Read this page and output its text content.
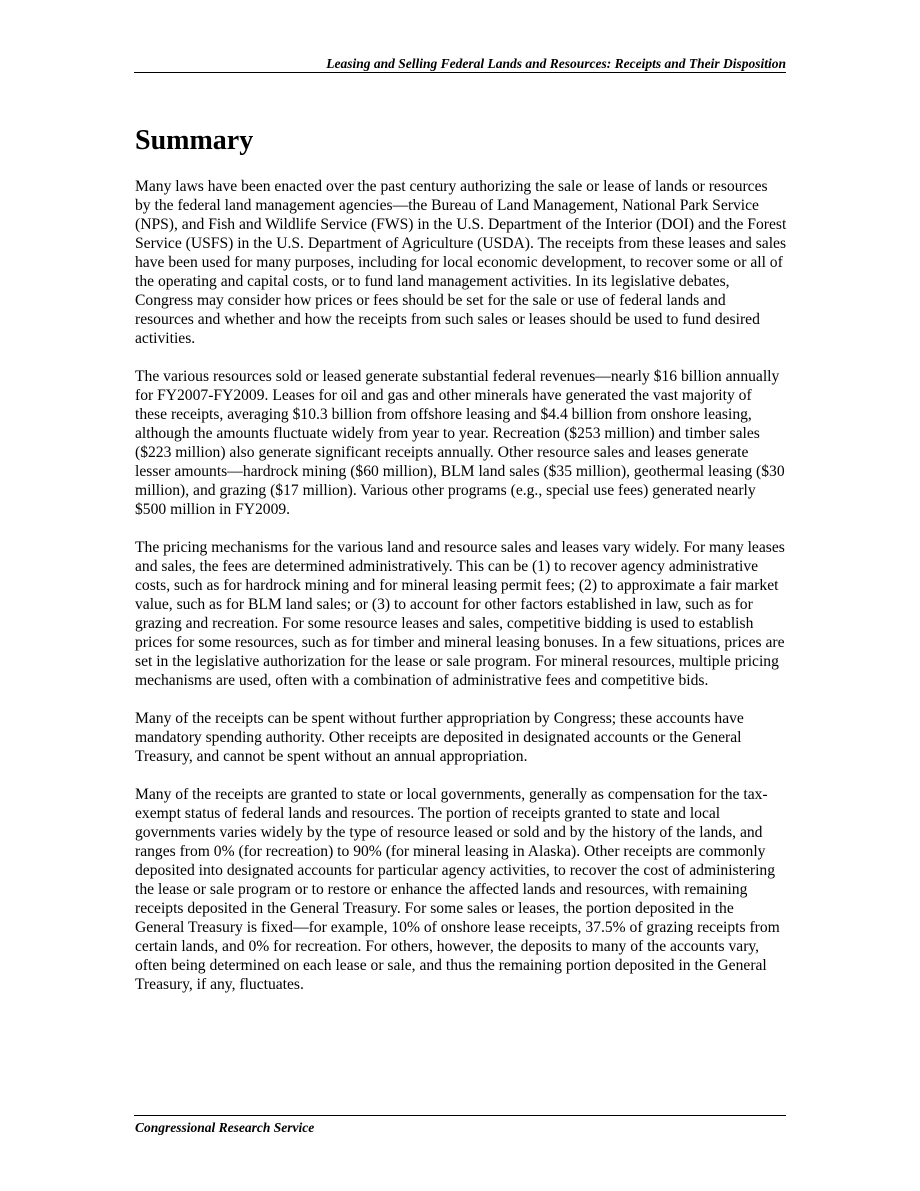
Leasing and Selling Federal Lands and Resources: Receipts and Their Disposition
Summary

Many laws have been enacted over the past century authorizing the sale or lease of lands or resources by the federal land management agencies—the Bureau of Land Management, National Park Service (NPS), and Fish and Wildlife Service (FWS) in the U.S. Department of the Interior (DOI) and the Forest Service (USFS) in the U.S. Department of Agriculture (USDA). The receipts from these leases and sales have been used for many purposes, including for local economic development, to recover some or all of the operating and capital costs, or to fund land management activities. In its legislative debates, Congress may consider how prices or fees should be set for the sale or use of federal lands and resources and whether and how the receipts from such sales or leases should be used to fund desired activities.

The various resources sold or leased generate substantial federal revenues—nearly $16 billion annually for FY2007-FY2009. Leases for oil and gas and other minerals have generated the vast majority of these receipts, averaging $10.3 billion from offshore leasing and $4.4 billion from onshore leasing, although the amounts fluctuate widely from year to year. Recreation ($253 million) and timber sales ($223 million) also generate significant receipts annually. Other resource sales and leases generate lesser amounts—hardrock mining ($60 million), BLM land sales ($35 million), geothermal leasing ($30 million), and grazing ($17 million). Various other programs (e.g., special use fees) generated nearly $500 million in FY2009.

The pricing mechanisms for the various land and resource sales and leases vary widely. For many leases and sales, the fees are determined administratively. This can be (1) to recover agency administrative costs, such as for hardrock mining and for mineral leasing permit fees; (2) to approximate a fair market value, such as for BLM land sales; or (3) to account for other factors established in law, such as for grazing and recreation. For some resource leases and sales, competitive bidding is used to establish prices for some resources, such as for timber and mineral leasing bonuses. In a few situations, prices are set in the legislative authorization for the lease or sale program. For mineral resources, multiple pricing mechanisms are used, often with a combination of administrative fees and competitive bids.

Many of the receipts can be spent without further appropriation by Congress; these accounts have mandatory spending authority. Other receipts are deposited in designated accounts or the General Treasury, and cannot be spent without an annual appropriation.

Many of the receipts are granted to state or local governments, generally as compensation for the tax-exempt status of federal lands and resources. The portion of receipts granted to state and local governments varies widely by the type of resource leased or sold and by the history of the lands, and ranges from 0% (for recreation) to 90% (for mineral leasing in Alaska). Other receipts are commonly deposited into designated accounts for particular agency activities, to recover the cost of administering the lease or sale program or to restore or enhance the affected lands and resources, with remaining receipts deposited in the General Treasury. For some sales or leases, the portion deposited in the General Treasury is fixed—for example, 10% of onshore lease receipts, 37.5% of grazing receipts from certain lands, and 0% for recreation. For others, however, the deposits to many of the accounts vary, often being determined on each lease or sale, and thus the remaining portion deposited in the General Treasury, if any, fluctuates.

Congressional Research Service
